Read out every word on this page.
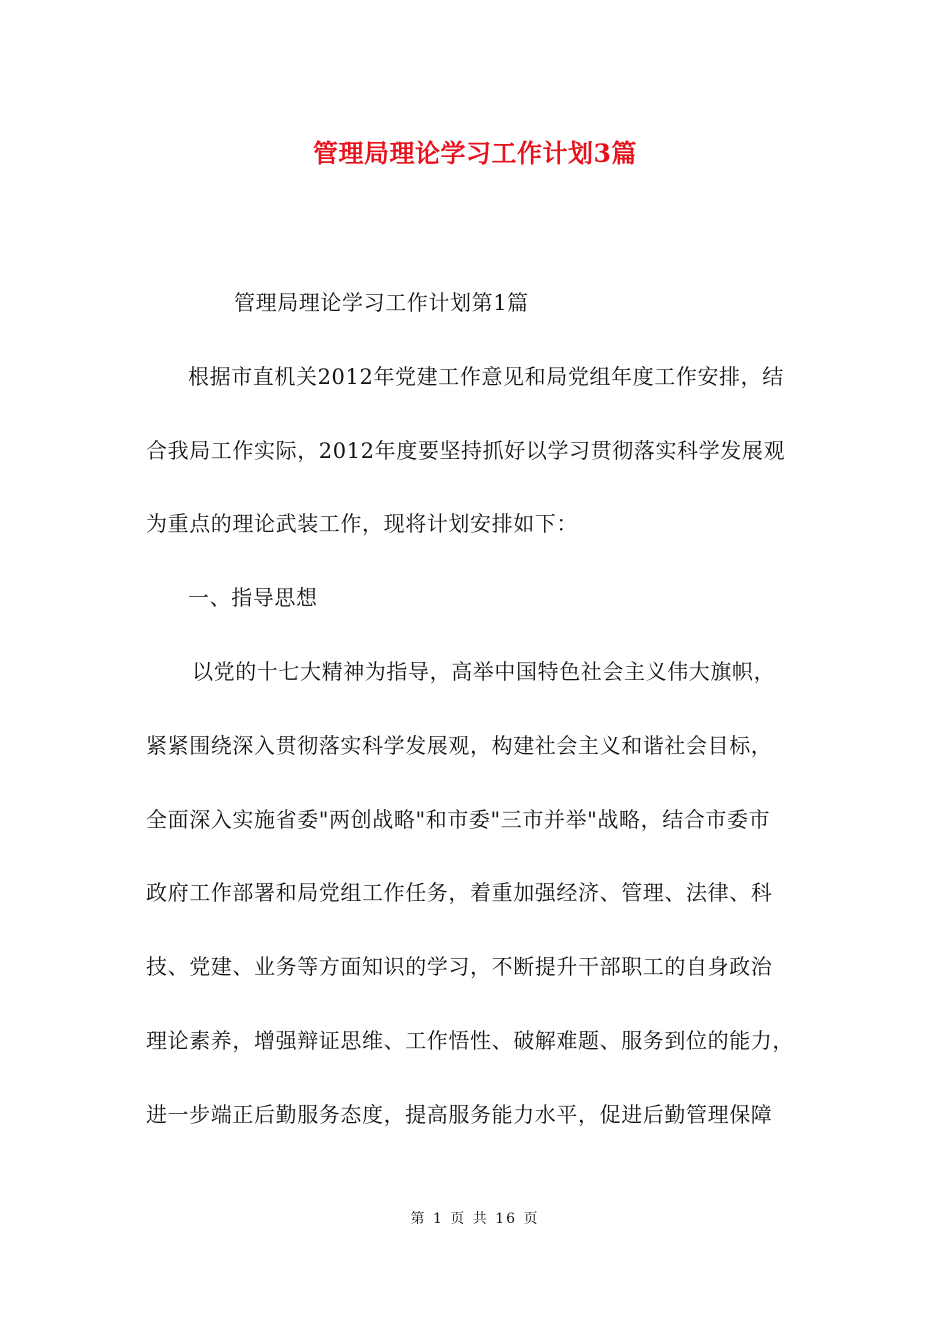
管理局理论学习工作计划3篇
管理局理论学习工作计划第1篇
根据市直机关2012年党建工作意见和局党组年度工作安排，结
合我局工作实际，2012年度要坚持抓好以学习贯彻落实科学发展观
为重点的理论武装工作，现将计划安排如下：
一、指导思想
以党的十七大精神为指导，高举中国特色社会主义伟大旗帜，
紧紧围绕深入贯彻落实科学发展观，构建社会主义和谐社会目标，
全面深入实施省委"两创战略"和市委"三市并举"战略，结合市委市
政府工作部署和局党组工作任务，着重加强经济、管理、法律、科
技、党建、业务等方面知识的学习，不断提升干部职工的自身政治
理论素养，增强辩证思维、工作悟性、破解难题、服务到位的能力，
进一步端正后勤服务态度，提高服务能力水平，促进后勤管理保障
第 1 页 共 16 页
